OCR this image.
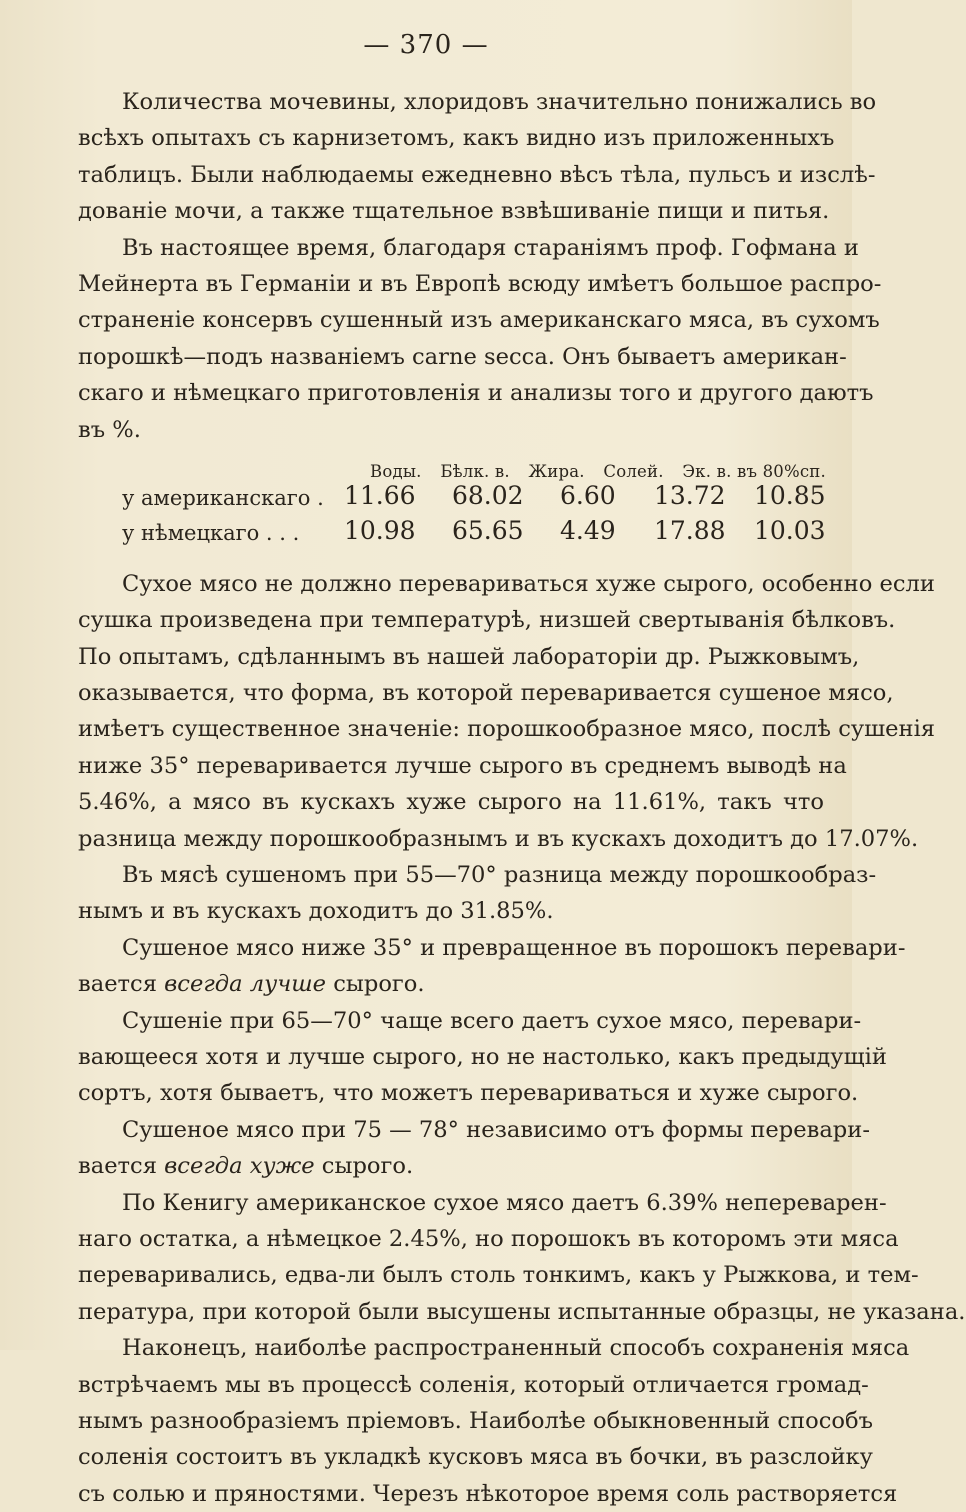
— 370 —
Количества мочевины, хлоридовъ значительно понижались во
всѣхъ опытахъ съ карнизетомъ, какъ видно изъ приложенныхъ
таблицъ. Были наблюдаемы ежедневно вѣсъ тѣла, пульсъ и изслѣ-
дованіе мочи, а также тщательное взвѣшиваніе пищи и питья.
Въ настоящее время, благодаря стараніямъ проф. Гофмана и
Мейнерта въ Германіи и въ Европѣ всюду имѣетъ большое распро-
страненіе консервъ сушенный изъ американскаго мяса, въ сухомъ
порошкѣ—подъ названіемъ carne secca. Онъ бываетъ американ-
скаго и нѣмецкаго приготовленія и анализы того и другого даютъ
въ %.
Воды. Бѣлк. в. Жира. Солей. Эк. в. въ 80%сп.
у американскаго . 11.66 68.02 6.60 13.72 10.85
у нѣмецкаго . . . 10.98 65.65 4.49 17.88 10.03
Сухое мясо не должно перевариваться хуже сырого, особенно если
сушка произведена при температурѣ, низшей свертыванія бѣлковъ.
По опытамъ, сдѣланнымъ въ нашей лабораторіи др. Рыжковымъ,
оказывается, что форма, въ которой переваривается сушеное мясо,
имѣетъ существенное значеніе: порошкообразное мясо, послѣ сушенія
ниже 35° переваривается лучше сырого въ среднемъ выводѣ на
5.46%, а мясо въ кускахъ хуже сырого на 11.61%, такъ что
разница между порошкообразнымъ и въ кускахъ доходитъ до 17.07%.
Въ мясѣ сушеномъ при 55—70° разница между порошкообраз-
нымъ и въ кускахъ доходитъ до 31.85%.
Сушеное мясо ниже 35° и превращенное въ порошокъ перевари-
вается всегда лучше сырого.
Сушеніе при 65—70° чаще всего даетъ сухое мясо, перевари-
вающееся хотя и лучше сырого, но не настолько, какъ предыдущій
сортъ, хотя бываетъ, что можетъ перевариваться и хуже сырого.
Сушеное мясо при 75 — 78° независимо отъ формы перевари-
вается всегда хуже сырого.
По Кенигу американское сухое мясо даетъ 6.39% непереварен-
наго остатка, а нѣмецкое 2.45%, но порошокъ въ которомъ эти мяса
переваривались, едва-ли былъ столь тонкимъ, какъ у Рыжкова, и тем-
пература, при которой были высушены испытанные образцы, не указана.
Наконецъ, наиболѣе распространенный способъ сохраненія мяса
встрѣчаемъ мы въ процессѣ соленія, который отличается громад-
нымъ разнообразіемъ пріемовъ. Наиболѣе обыкновенный способъ
соленія состоитъ въ укладкѣ кусковъ мяса въ бочки, въ разслойку
съ солью и пряностями. Черезъ нѣкоторое время соль растворяется
